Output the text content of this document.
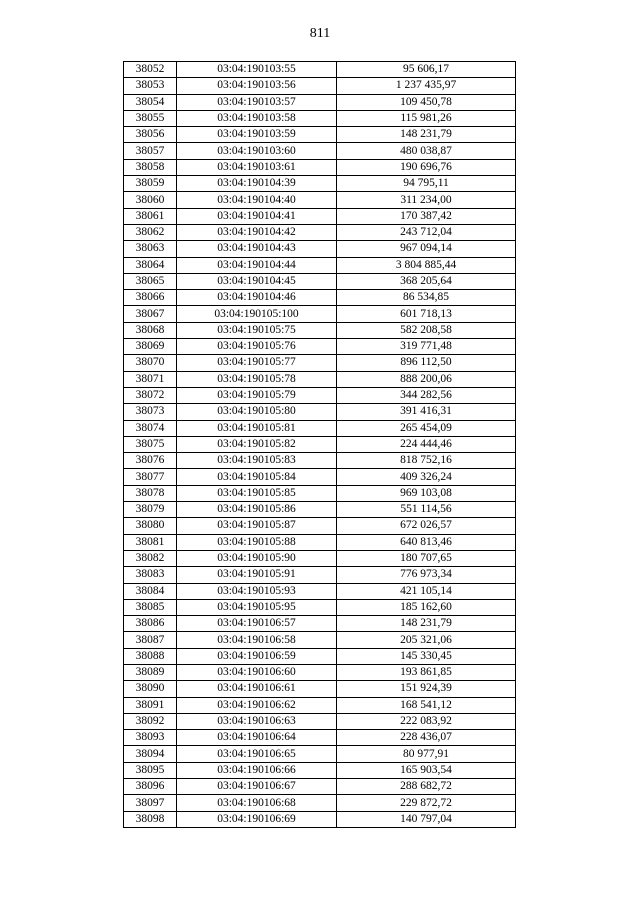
811
38052	03:04:190103:55	95 606,17
38053	03:04:190103:56	1 237 435,97
38054	03:04:190103:57	109 450,78
38055	03:04:190103:58	115 981,26
38056	03:04:190103:59	148 231,79
38057	03:04:190103:60	480 038,87
38058	03:04:190103:61	190 696,76
38059	03:04:190104:39	94 795,11
38060	03:04:190104:40	311 234,00
38061	03:04:190104:41	170 387,42
38062	03:04:190104:42	243 712,04
38063	03:04:190104:43	967 094,14
38064	03:04:190104:44	3 804 885,44
38065	03:04:190104:45	368 205,64
38066	03:04:190104:46	86 534,85
38067	03:04:190105:100	601 718,13
38068	03:04:190105:75	582 208,58
38069	03:04:190105:76	319 771,48
38070	03:04:190105:77	896 112,50
38071	03:04:190105:78	888 200,06
38072	03:04:190105:79	344 282,56
38073	03:04:190105:80	391 416,31
38074	03:04:190105:81	265 454,09
38075	03:04:190105:82	224 444,46
38076	03:04:190105:83	818 752,16
38077	03:04:190105:84	409 326,24
38078	03:04:190105:85	969 103,08
38079	03:04:190105:86	551 114,56
38080	03:04:190105:87	672 026,57
38081	03:04:190105:88	640 813,46
38082	03:04:190105:90	180 707,65
38083	03:04:190105:91	776 973,34
38084	03:04:190105:93	421 105,14
38085	03:04:190105:95	185 162,60
38086	03:04:190106:57	148 231,79
38087	03:04:190106:58	205 321,06
38088	03:04:190106:59	145 330,45
38089	03:04:190106:60	193 861,85
38090	03:04:190106:61	151 924,39
38091	03:04:190106:62	168 541,12
38092	03:04:190106:63	222 083,92
38093	03:04:190106:64	228 436,07
38094	03:04:190106:65	80 977,91
38095	03:04:190106:66	165 903,54
38096	03:04:190106:67	288 682,72
38097	03:04:190106:68	229 872,72
38098	03:04:190106:69	140 797,04
